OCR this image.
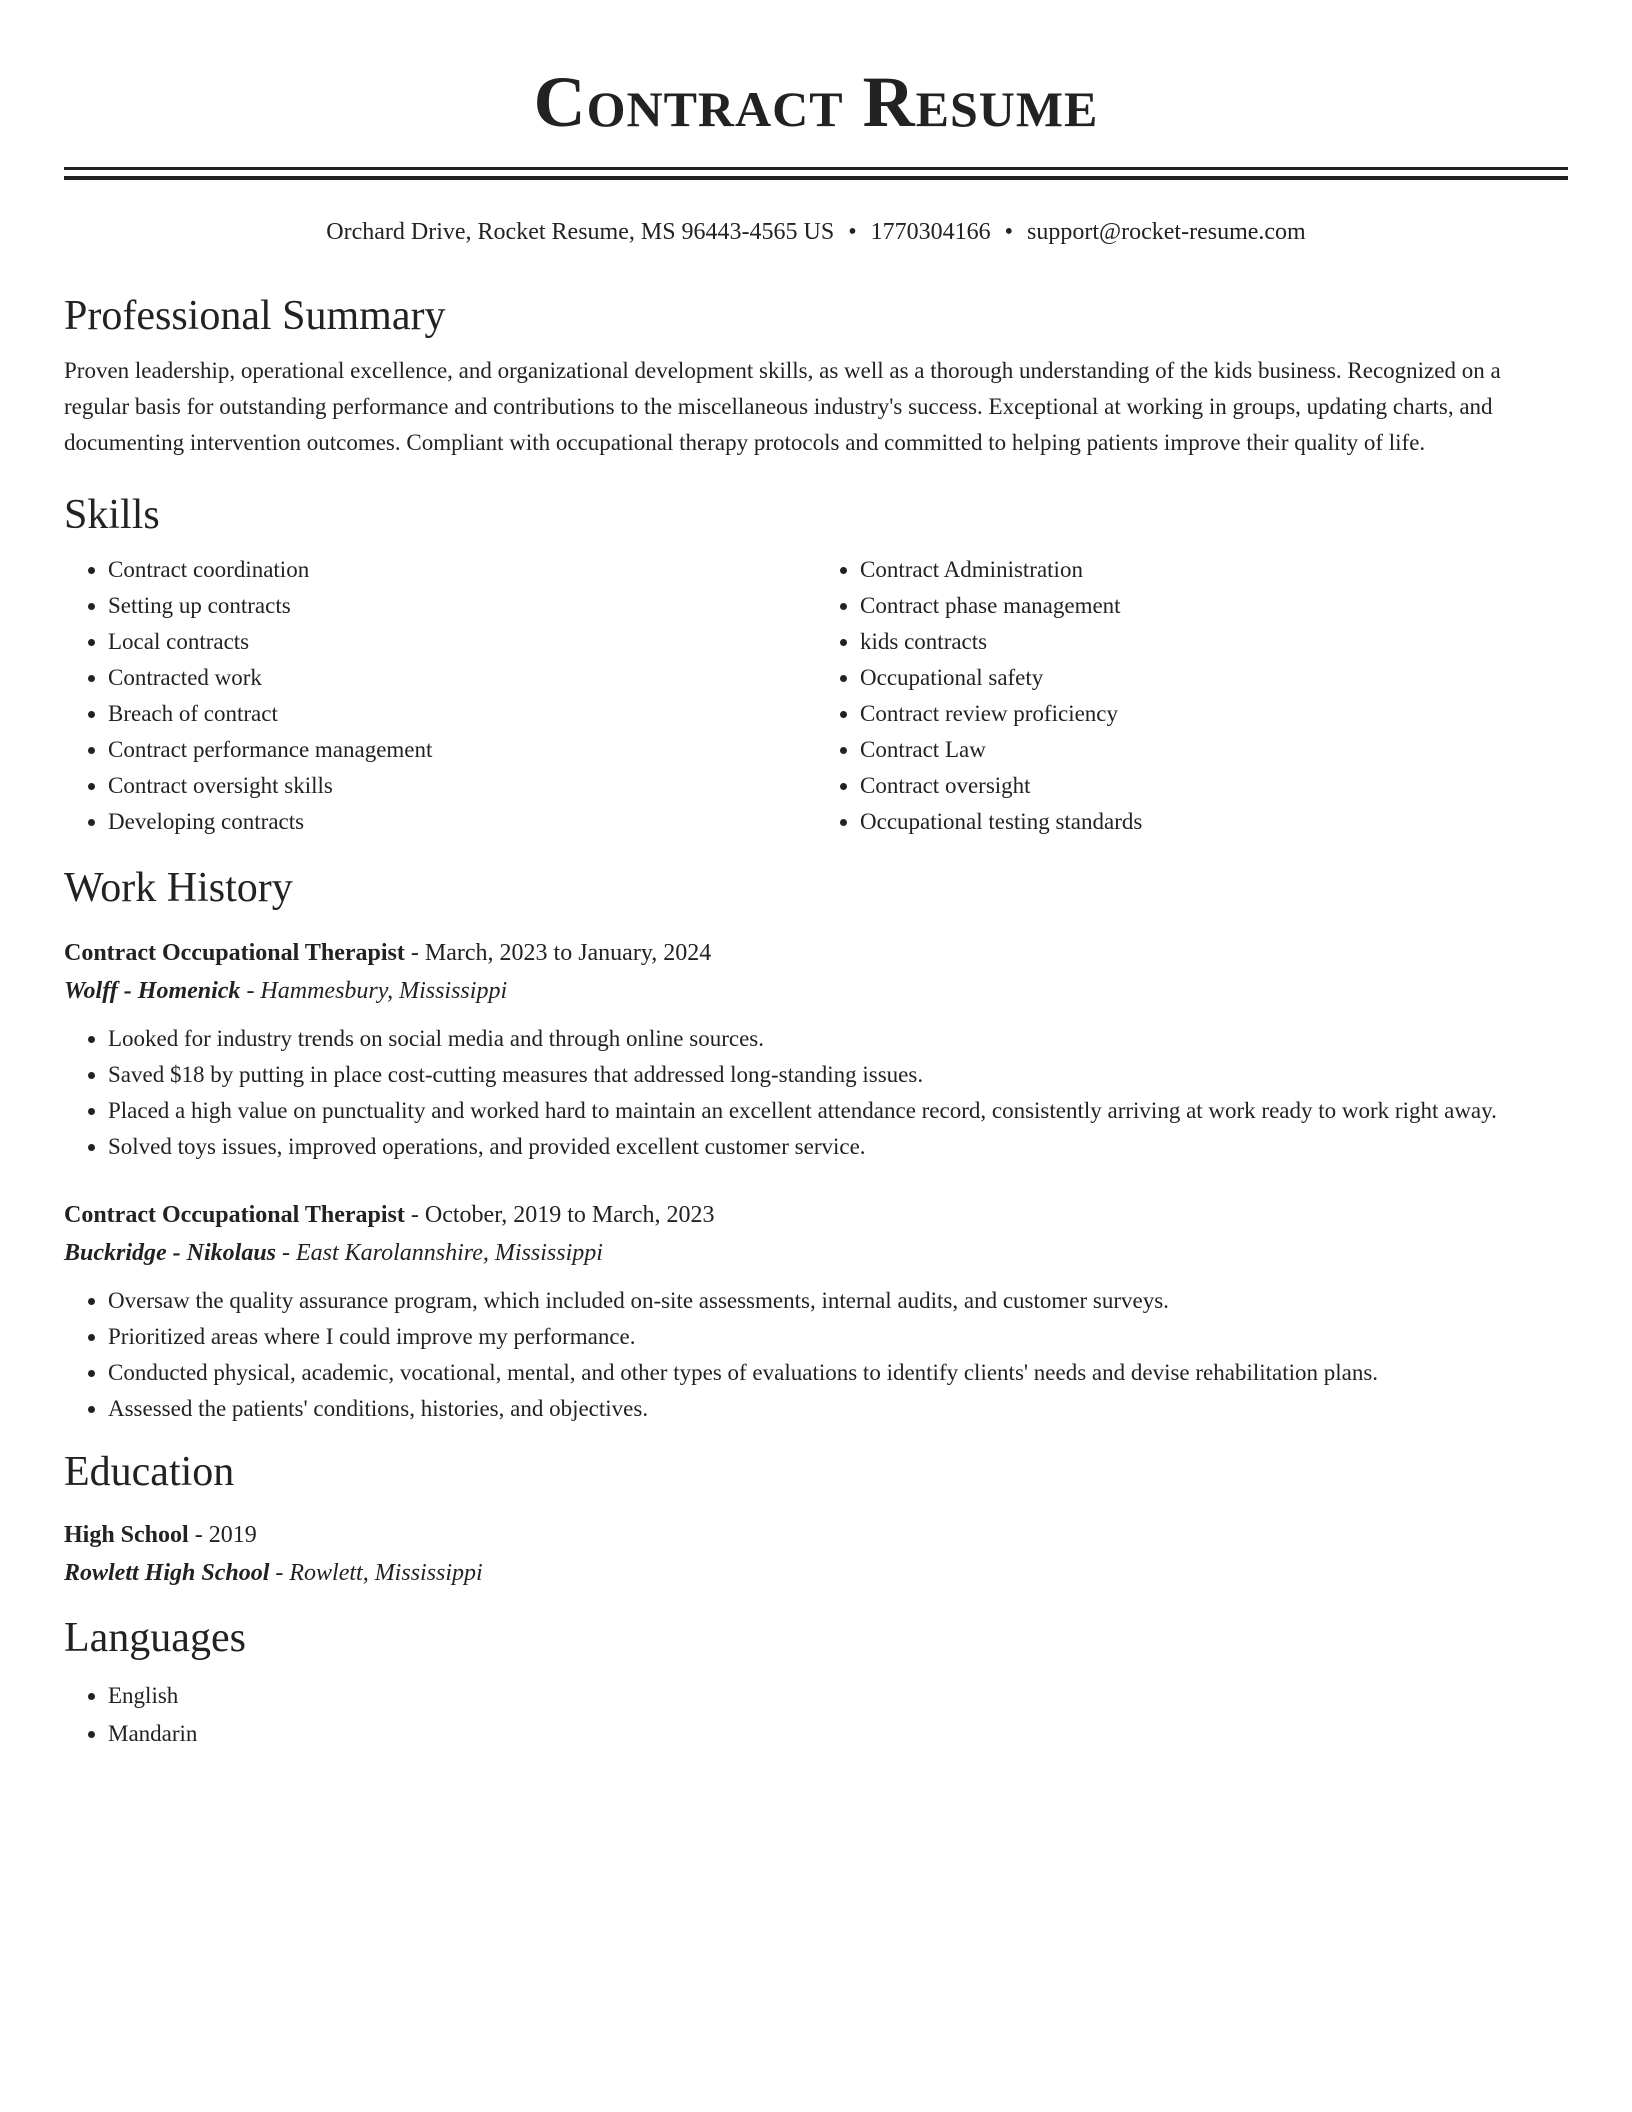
Contract Resume
Orchard Drive, Rocket Resume, MS 96443-4565 US • 1770304166 • support@rocket-resume.com
Professional Summary

Proven leadership, operational excellence, and organizational development skills, as well as a thorough understanding of the kids business. Recognized on a regular basis for outstanding performance and contributions to the miscellaneous industry's success. Exceptional at working in groups, updating charts, and documenting intervention outcomes. Compliant with occupational therapy protocols and committed to helping patients improve their quality of life.

Skills
• Contract coordination
• Setting up contracts
• Local contracts
• Contracted work
• Breach of contract
• Contract performance management
• Contract oversight skills
• Developing contracts
• Contract Administration
• Contract phase management
• kids contracts
• Occupational safety
• Contract review proficiency
• Contract Law
• Contract oversight
• Occupational testing standards
Work History
Contract Occupational Therapist - March, 2023 to January, 2024
Wolff - Homenick - Hammesbury, Mississippi
• Looked for industry trends on social media and through online sources.
• Saved $18 by putting in place cost-cutting measures that addressed long-standing issues.
• Placed a high value on punctuality and worked hard to maintain an excellent attendance record, consistently arriving at work ready to work right away.
• Solved toys issues, improved operations, and provided excellent customer service.
Contract Occupational Therapist - October, 2019 to March, 2023
Buckridge - Nikolaus - East Karolannshire, Mississippi
• Oversaw the quality assurance program, which included on-site assessments, internal audits, and customer surveys.
• Prioritized areas where I could improve my performance.
• Conducted physical, academic, vocational, mental, and other types of evaluations to identify clients' needs and devise rehabilitation plans.
• Assessed the patients' conditions, histories, and objectives.
Education
High School - 2019
Rowlett High School - Rowlett, Mississippi
Languages
• English
• Mandarin
